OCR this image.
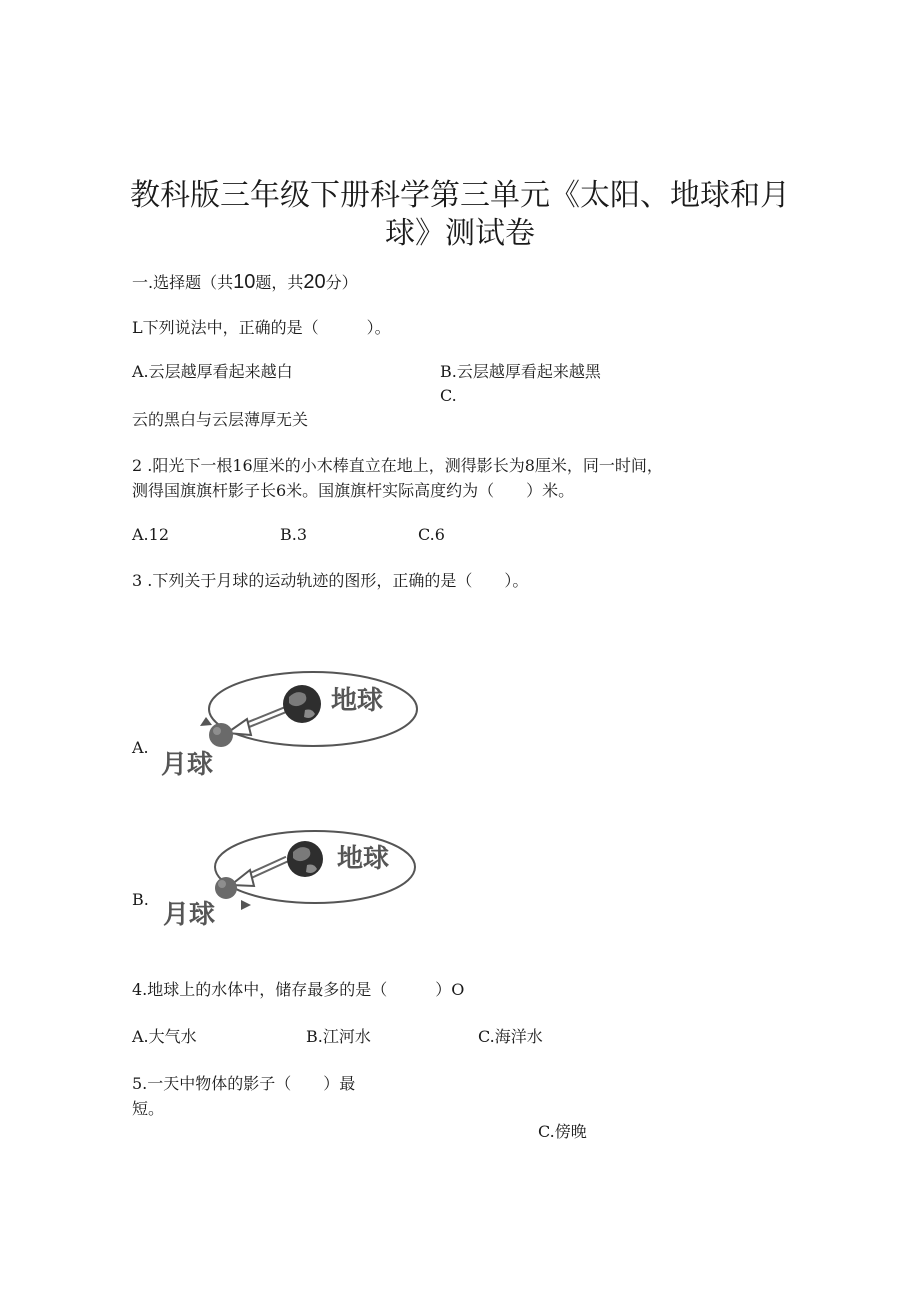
教科版三年级下册科学第三单元《太阳、地球和月
球》测试卷
一.选择题（共10题，共20分）
L下列说法中，正确的是（　　　）。
A.云层越厚看起来越白	B.云层越厚看起来越黑
C.
云的黑白与云层薄厚无关
2 .阳光下一根16厘米的小木棒直立在地上，测得影长为8厘米，同一时间，
测得国旗旗杆影子长6米。国旗旗杆实际高度约为（　　）米。
A.12	B.3	C.6
3 .下列关于月球的运动轨迹的图形，正确的是（　　）。
A.
地球
月球
B.
地球
月球
4.地球上的水体中，储存最多的是（　　　）O
A.大气水	B.江河水	C.海洋水
5.一天中物体的影子（　　）最
短。
C.傍晚
